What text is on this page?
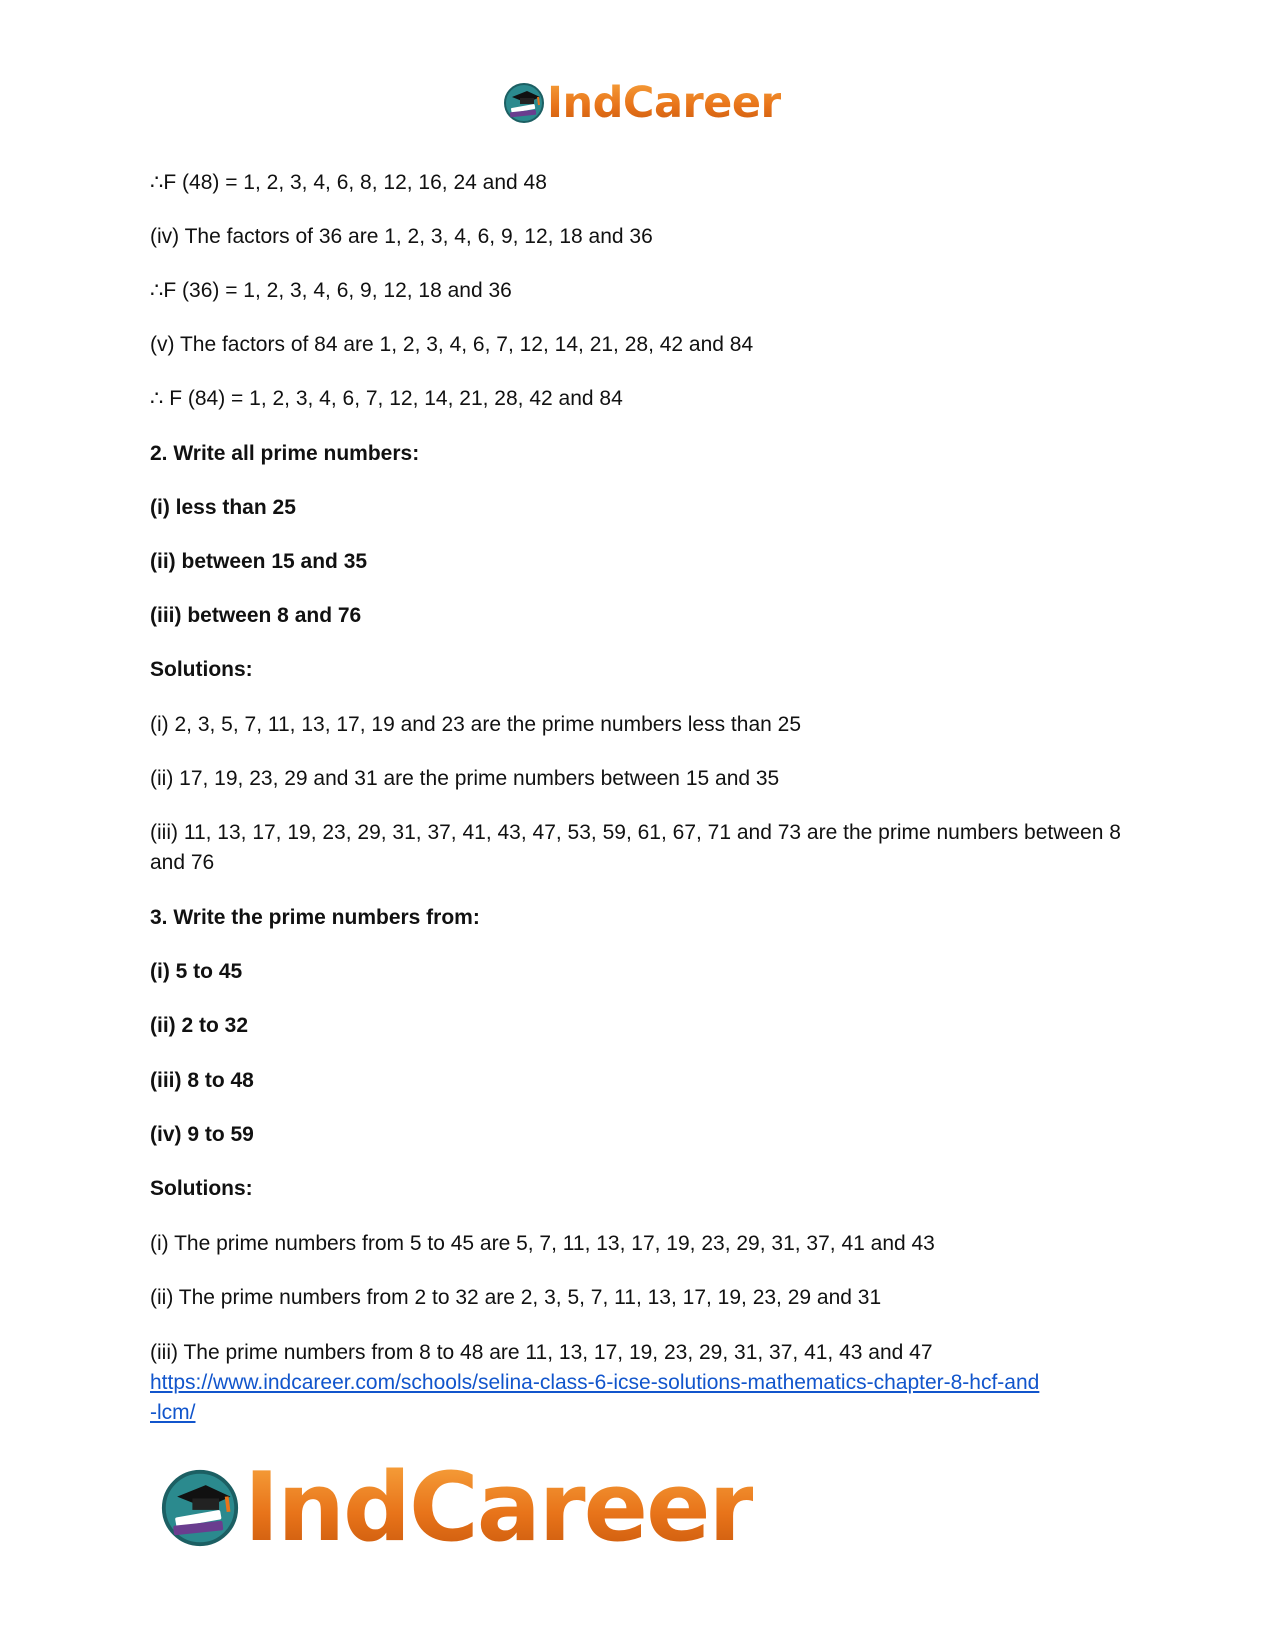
IndCareer
∴F (48) = 1, 2, 3, 4, 6, 8, 12, 16, 24 and 48
(iv) The factors of 36 are 1, 2, 3, 4, 6, 9, 12, 18 and 36
∴F (36) = 1, 2, 3, 4, 6, 9, 12, 18 and 36
(v) The factors of 84 are 1, 2, 3, 4, 6, 7, 12, 14, 21, 28, 42 and 84
∴ F (84) = 1, 2, 3, 4, 6, 7, 12, 14, 21, 28, 42 and 84
2. Write all prime numbers:
(i) less than 25
(ii) between 15 and 35
(iii) between 8 and 76
Solutions:
(i) 2, 3, 5, 7, 11, 13, 17, 19 and 23 are the prime numbers less than 25
(ii) 17, 19, 23, 29 and 31 are the prime numbers between 15 and 35
(iii) 11, 13, 17, 19, 23, 29, 31, 37, 41, 43, 47, 53, 59, 61, 67, 71 and 73 are the prime numbers between 8 and 76
3. Write the prime numbers from:
(i) 5 to 45
(ii) 2 to 32
(iii) 8 to 48
(iv) 9 to 59
Solutions:
(i) The prime numbers from 5 to 45 are 5, 7, 11, 13, 17, 19, 23, 29, 31, 37, 41 and 43
(ii) The prime numbers from 2 to 32 are 2, 3, 5, 7, 11, 13, 17, 19, 23, 29 and 31
(iii) The prime numbers from 8 to 48 are 11, 13, 17, 19, 23, 29, 31, 37, 41, 43 and 47
https://www.indcareer.com/schools/selina-class-6-icse-solutions-mathematics-chapter-8-hcf-and
-lcm/
IndCareer
